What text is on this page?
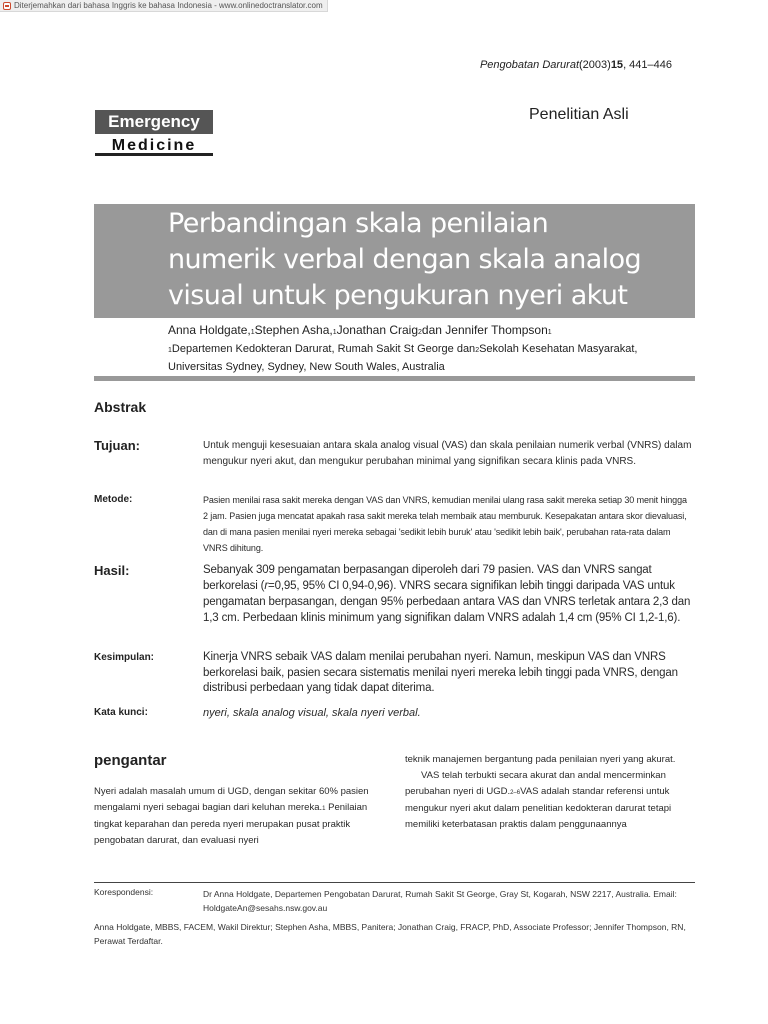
Diterjemahkan dari bahasa Inggris ke bahasa Indonesia - www.onlinedoctranslator.com
Pengobatan Darurat(2003)15, 441–446
Emergency
Medicine
Penelitian Asli
Perbandingan skala penilaian numerik verbal dengan skala analog visual untuk pengukuran nyeri akut
Anna Holdgate,1Stephen Asha,1Jonathan Craig2dan Jennifer Thompson1
1Departemen Kedokteran Darurat, Rumah Sakit St George dan2Sekolah Kesehatan Masyarakat, Universitas Sydney, Sydney, New South Wales, Australia
Abstrak
Tujuan:	Untuk menguji kesesuaian antara skala analog visual (VAS) dan skala penilaian numerik verbal (VNRS) dalam mengukur nyeri akut, dan mengukur perubahan minimal yang signifikan secara klinis pada VNRS.
Metode:	Pasien menilai rasa sakit mereka dengan VAS dan VNRS, kemudian menilai ulang rasa sakit mereka setiap 30 menit hingga 2 jam. Pasien juga mencatat apakah rasa sakit mereka telah membaik atau memburuk. Kesepakatan antara skor dievaluasi, dan di mana pasien menilai nyeri mereka sebagai 'sedikit lebih buruk' atau 'sedikit lebih baik', perubahan rata-rata dalam VNRS dihitung.
Hasil:	Sebanyak 309 pengamatan berpasangan diperoleh dari 79 pasien. VAS dan VNRS sangat berkorelasi (r=0,95, 95% CI 0,94-0,96). VNRS secara signifikan lebih tinggi daripada VAS untuk pengamatan berpasangan, dengan 95% perbedaan antara VAS dan VNRS terletak antara 2,3 dan 1,3 cm. Perbedaan klinis minimum yang signifikan dalam VNRS adalah 1,4 cm (95% CI 1,2-1,6).
Kesimpulan:	Kinerja VNRS sebaik VAS dalam menilai perubahan nyeri. Namun, meskipun VAS dan VNRS berkorelasi baik, pasien secara sistematis menilai nyeri mereka lebih tinggi pada VNRS, dengan distribusi perbedaan yang tidak dapat diterima.
Kata kunci:	nyeri, skala analog visual, skala nyeri verbal.
pengantar
Nyeri adalah masalah umum di UGD, dengan sekitar 60% pasien mengalami nyeri sebagai bagian dari keluhan mereka.1 Penilaian tingkat keparahan dan pereda nyeri merupakan pusat praktik pengobatan darurat, dan evaluasi nyeri
teknik manajemen bergantung pada penilaian nyeri yang akurat.
VAS telah terbukti secara akurat dan andal mencerminkan perubahan nyeri di UGD.2–6VAS adalah standar referensi untuk mengukur nyeri akut dalam penelitian kedokteran darurat tetapi memiliki keterbatasan praktis dalam penggunaannya
Korespondensi:	Dr Anna Holdgate, Departemen Pengobatan Darurat, Rumah Sakit St George, Gray St, Kogarah, NSW 2217, Australia. Email: HoldgateAn@sesahs.nsw.gov.au
Anna Holdgate, MBBS, FACEM, Wakil Direktur; Stephen Asha, MBBS, Panitera; Jonathan Craig, FRACP, PhD, Associate Professor; Jennifer Thompson, RN, Perawat Terdaftar.
